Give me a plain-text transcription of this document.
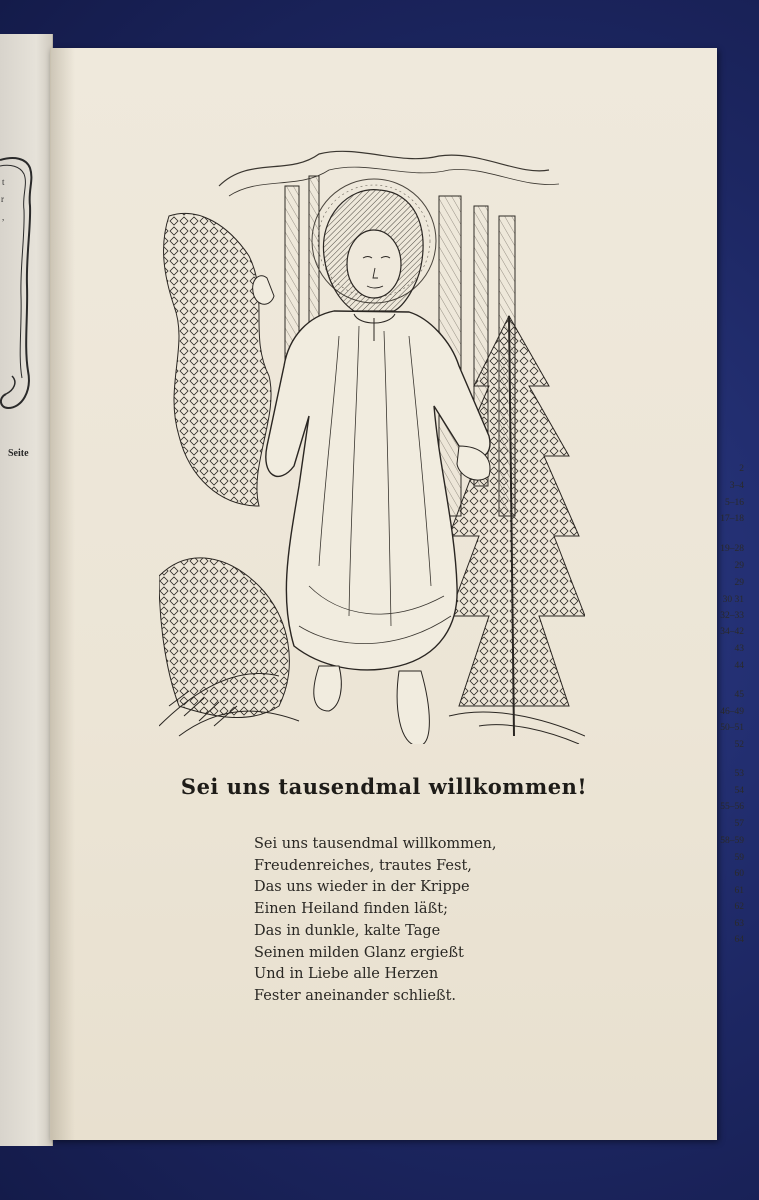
t
r
,
Seite
2
3–4
5–16
17–18
19–28
29
29
30 31
32–33
34–42
43
44
45
46–49
50–51
52
53
54
55–56
57
58–59
59
60
61
62
63
64
Sei uns tausendmal willkommen!
Sei uns tausendmal willkommen,
Freudenreiches, trautes Fest,
Das uns wieder in der Krippe
Einen Heiland finden läßt;
Das in dunkle, kalte Tage
Seinen milden Glanz ergießt
Und in Liebe alle Herzen
Fester aneinander schließt.
